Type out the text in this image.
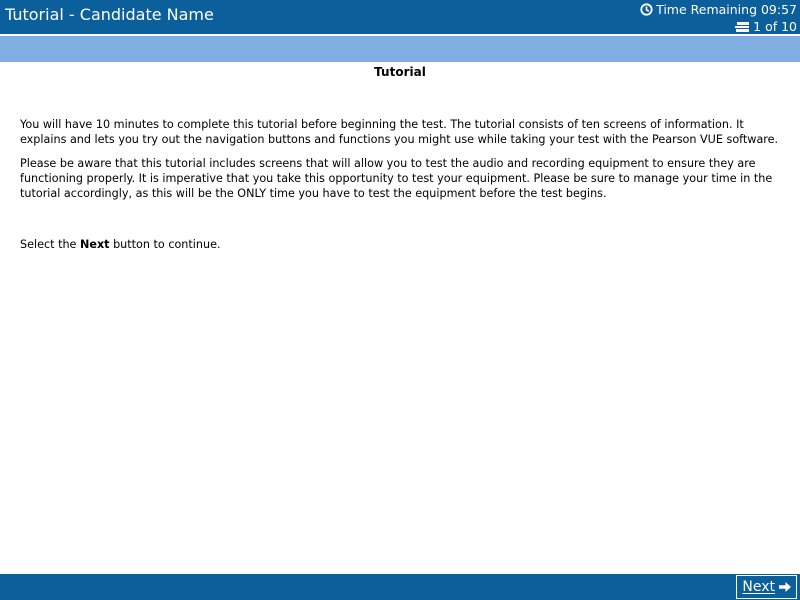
Tutorial - Candidate Name	Time Remaining 09:57
1 of 10
Tutorial

You will have 10 minutes to complete this tutorial before beginning the test. The tutorial consists of ten screens of information. It explains and lets you try out the navigation buttons and functions you might use while taking your test with the Pearson VUE software.

Please be aware that this tutorial includes screens that will allow you to test the audio and recording equipment to ensure they are functioning properly. It is imperative that you take this opportunity to test your equipment. Please be sure to manage your time in the tutorial accordingly, as this will be the ONLY time you have to test the equipment before the test begins.

Select the Next button to continue.

Next
